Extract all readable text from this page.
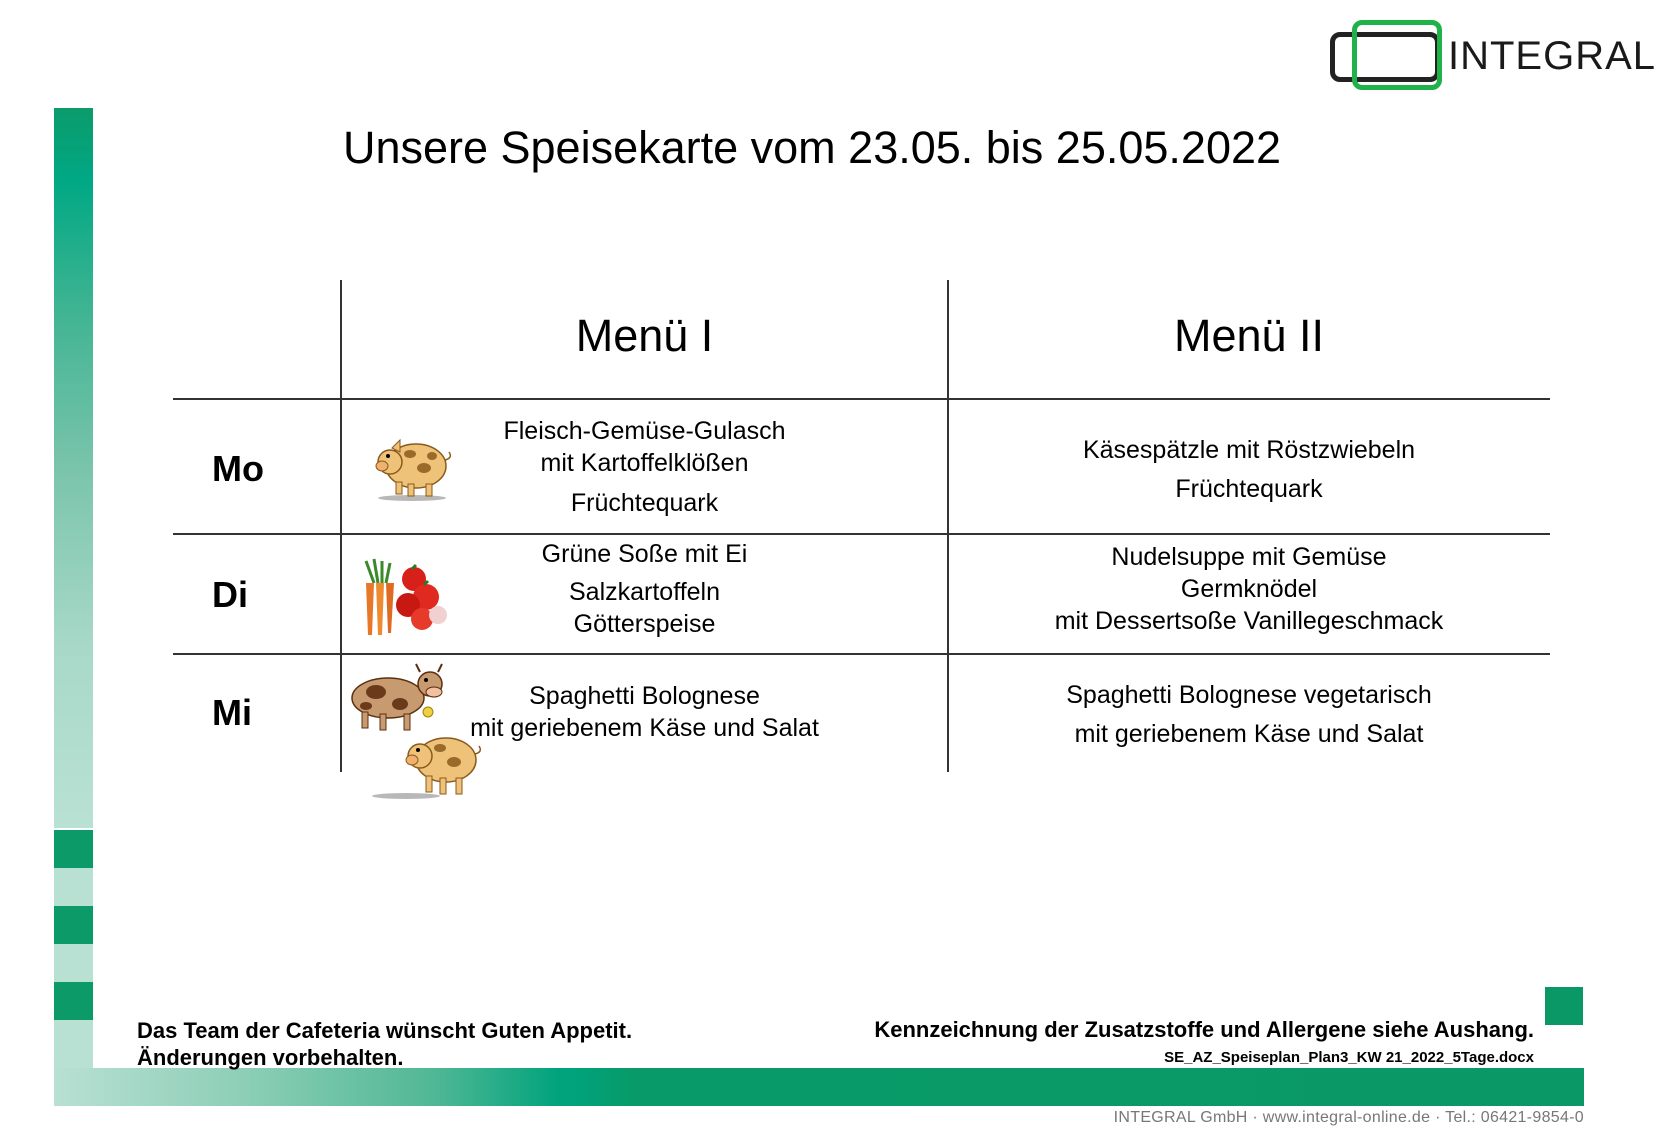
INTEGRAL
Unsere Speisekarte vom 23.05. bis 25.05.2022
Menü I	Menü II
Mo
Fleisch-Gemüse-Gulasch
mit Kartoffelklößen
Früchtequark
Käsespätzle mit Röstzwiebeln
Früchtequark
Di
Grüne Soße mit Ei
Salzkartoffeln
Götterspeise
Nudelsuppe mit Gemüse
Germknödel
mit Dessertsoße Vanillegeschmack
Mi	Spaghetti Bolognese
mit geriebenem Käse und Salat
Spaghetti Bolognese vegetarisch
mit geriebenem Käse und Salat
Das Team der Cafeteria wünscht Guten Appetit.
Änderungen vorbehalten.
Kennzeichnung der Zusatzstoffe und Allergene siehe Aushang.
SE_AZ_Speiseplan_Plan3_KW 21_2022_5Tage.docx
INTEGRAL GmbH · www.integral-online.de · Tel.: 06421-9854-0
